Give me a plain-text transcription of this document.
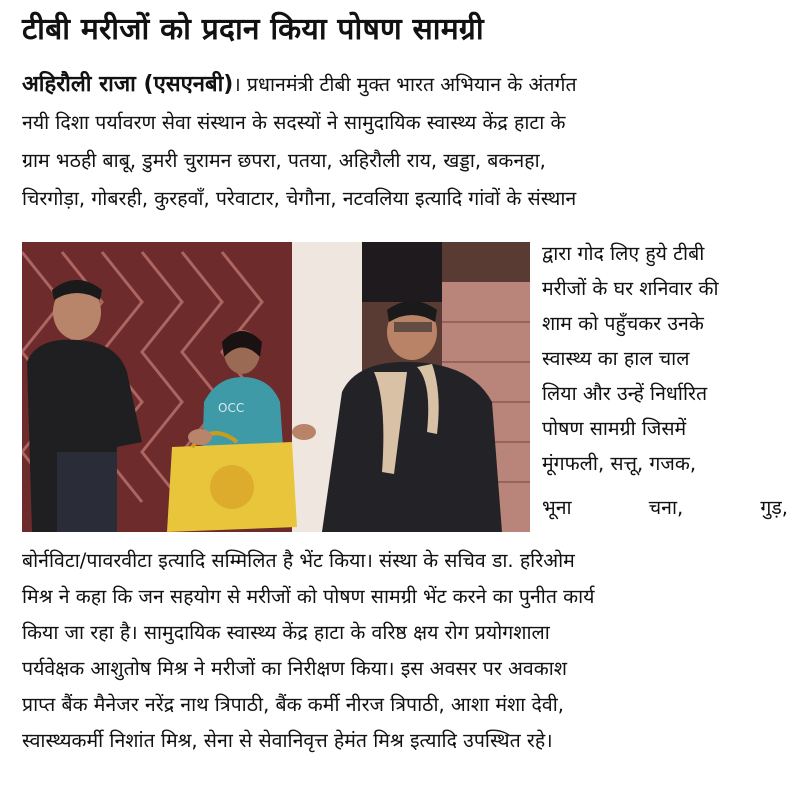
टीबी मरीजों को प्रदान किया पोषण सामग्री
अहिरौली राजा (एसएनबी)। प्रधानमंत्री टीबी मुक्त भारत अभियान के अंतर्गत
नयी दिशा पर्यावरण सेवा संस्थान के सदस्यों ने सामुदायिक स्वास्थ्य केंद्र हाटा के
ग्राम भठही बाबू, डुमरी चुरामन छपरा, पतया, अहिरौली राय, खड्डा, बकनहा,
चिरगोड़ा, गोबरही, कुरहवाँ, परेवाटार, चेगौना, नटवलिया इत्यादि गांवों के संस्थान
OCC
द्वारा गोद लिए हुये टीबी
मरीजों के घर शनिवार की
शाम को पहुँचकर उनके
स्वास्थ्य का हाल चाल
लिया और उन्हें निर्धारित
पोषण सामग्री जिसमें
मूंगफली, सत्तू, गजक,
भूना	चना,	गुड़,
बोर्नविटा/पावरवीटा इत्यादि सम्मिलित है भेंट किया। संस्था के सचिव डा. हरिओम
मिश्र ने कहा कि जन सहयोग से मरीजों को पोषण सामग्री भेंट करने का पुनीत कार्य
किया जा रहा है। सामुदायिक स्वास्थ्य केंद्र हाटा के वरिष्ठ क्षय रोग प्रयोगशाला
पर्यवेक्षक आशुतोष मिश्र ने मरीजों का निरीक्षण किया। इस अवसर पर अवकाश
प्राप्त बैंक मैनेजर नरेंद्र नाथ त्रिपाठी, बैंक कर्मी नीरज त्रिपाठी, आशा मंशा देवी,
स्वास्थ्यकर्मी निशांत मिश्र, सेना से सेवानिवृत्त हेमंत मिश्र इत्यादि उपस्थित रहे।
